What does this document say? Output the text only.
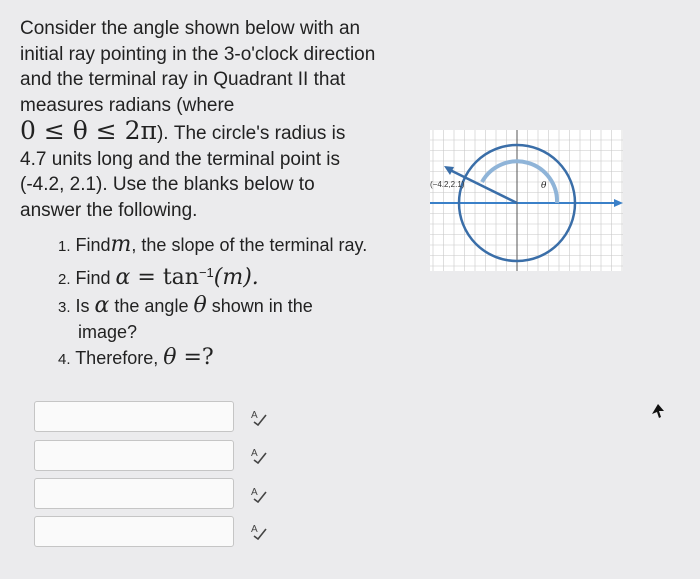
Consider the angle shown below with an
initial ray pointing in the 3-o'clock direction
and the terminal ray in Quadrant II that
measures radians (where
0 ≤ θ ≤ 2π). The circle's radius is
4.7 units long and the terminal point is
(-4.2, 2.1). Use the blanks below to
answer the following.
1. Findm, the slope of the terminal ray.
2. Find $\alpha = \tan^{-1}(m)$.
3. Is α the angle θ shown in the
image?
4. Therefore, θ =?
(−4.2,2.1)	θ
A
A
A
A
